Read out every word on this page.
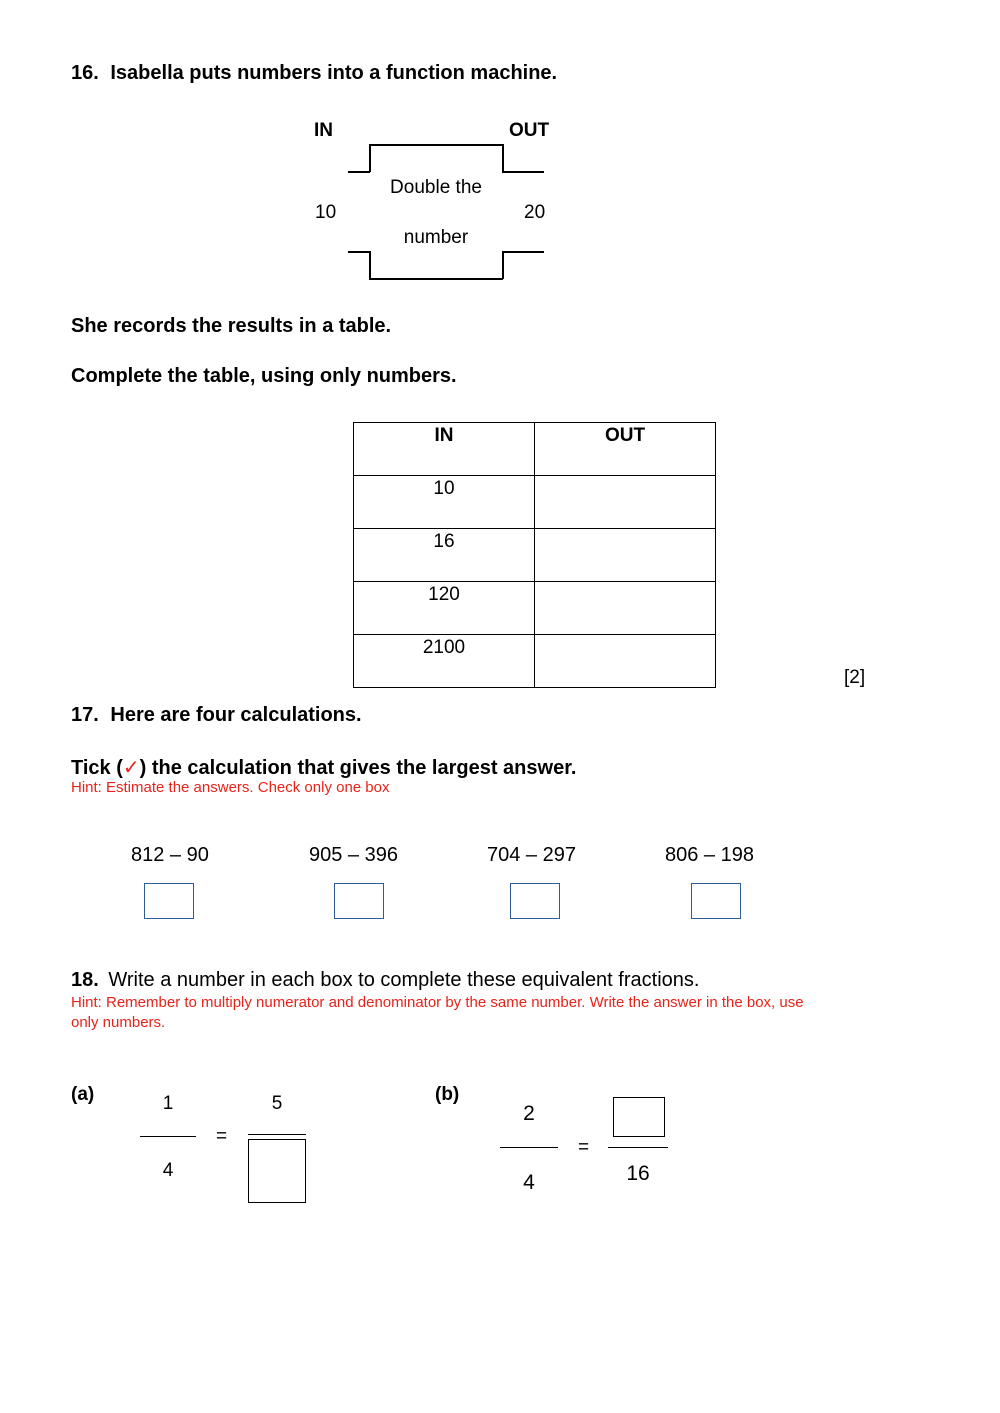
16. Isabella puts numbers into a function machine.
IN	OUT
Double the
number
10	20
She records the results in a table.
Complete the table, using only numbers.
IN	OUT
10	
16	
120	
2100	
[2]
17. Here are four calculations.
Tick (✓) the calculation that gives the largest answer.
Hint: Estimate the answers. Check only one box
812 – 90	905 – 396	704 – 297	806 – 198
18. Write a number in each box to complete these equivalent fractions.
Hint: Remember to multiply numerator and denominator by the same number. Write the answer in the box, use
only numbers.
(a)	1
4
=
5	(b)
2
4
=
16
